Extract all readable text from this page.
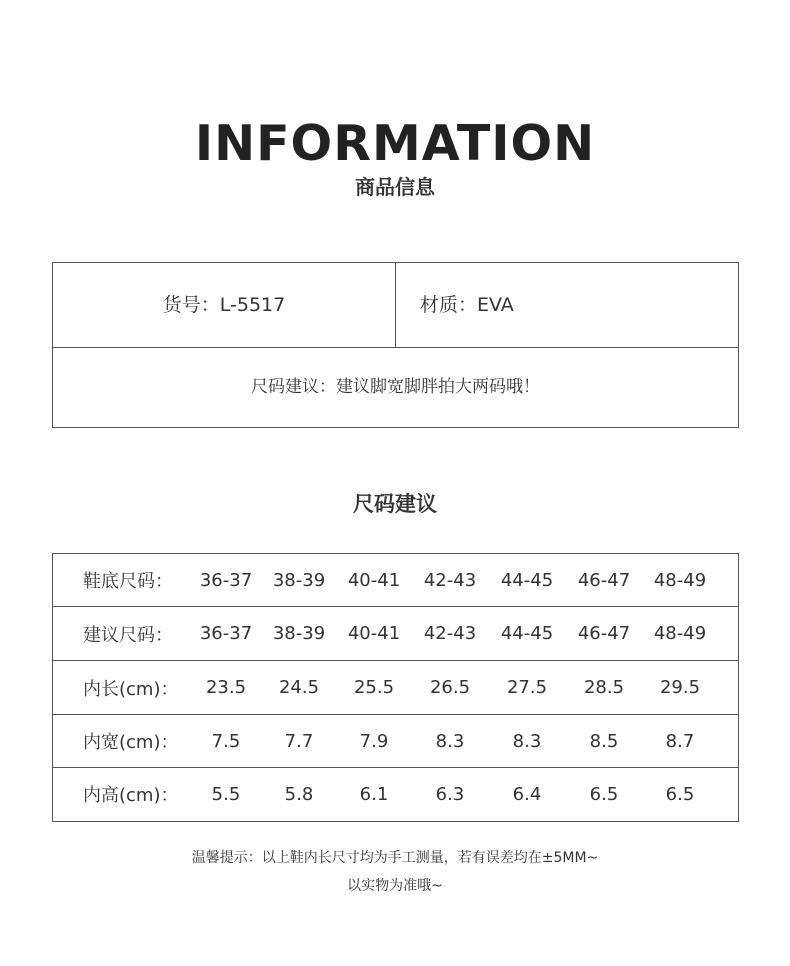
INFORMATION
商品信息
货号：L-5517	材质：EVA
尺码建议：建议脚宽脚胖拍大两码哦！
尺码建议
鞋底尺码：	36-37	38-39	40-41	42-43	44-45	46-47	48-49
建议尺码：	36-37	38-39	40-41	42-43	44-45	46-47	48-49
内长(cm)：	23.5	24.5	25.5	26.5	27.5	28.5	29.5
内宽(cm)：	7.5	7.7	7.9	8.3	8.3	8.5	8.7
内高(cm)：	5.5	5.8	6.1	6.3	6.4	6.5	6.5
温馨提示：以上鞋内长尺寸均为手工测量，若有误差均在±5MM~
以实物为准哦~
